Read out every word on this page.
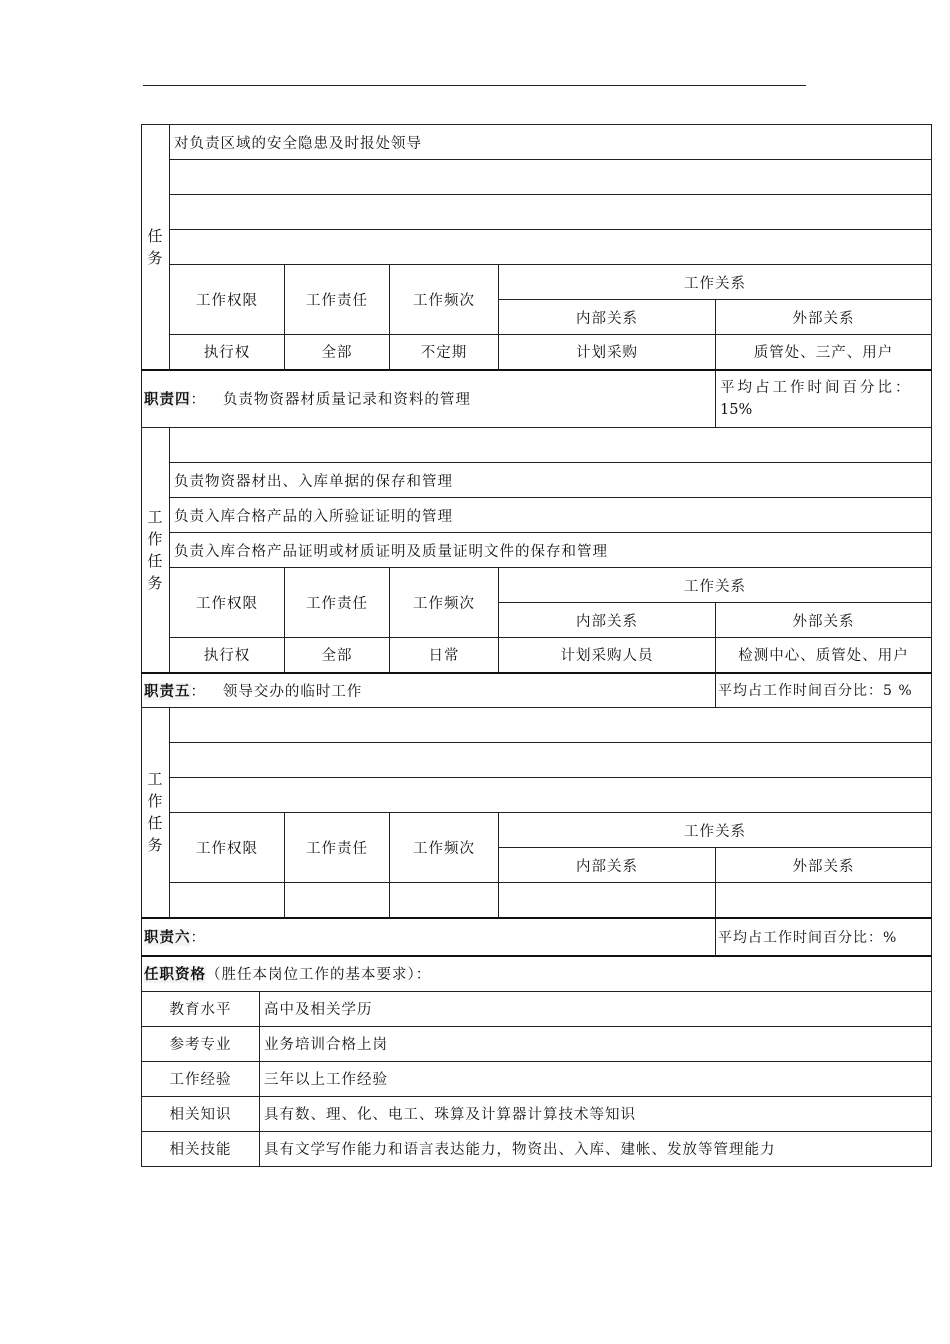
任
务	对负责区域的安全隐患及时报处领导				

	工作权限	工作责任	工作频次	工作关系	
				内部关系	外部关系
	执行权	全部	不定期	计划采购	质管处、三产、用户
职责四： 负责物资器材质量记录和资料的管理					平均占工作时间百分比：
15%

工
作
任
务					

	负责物资器材出、入库单据的保存和管理				
	负责入库合格产品的入所验证证明的管理				
	负责入库合格产品证明或材质证明及质量证明文件的保存和管理				
	工作权限	工作责任	工作频次	工作关系	
				内部关系	外部关系
	执行权	全部	日常	计划采购人员	检测中心、质管处、用户
职责五： 领导交办的临时工作					平均占工作时间百分比：5 %

工
作
任
务					

	工作权限	工作责任	工作频次	工作关系	
				内部关系	外部关系

职责六：					平均占工作时间百分比：%
任职资格（胜任本岗位工作的基本要求）：	
教育水平	高中及相关学历
参考专业	业务培训合格上岗
工作经验	三年以上工作经验
相关知识	具有数、理、化、电工、珠算及计算器计算技术等知识
相关技能	具有文学写作能力和语言表达能力，物资出、入库、建帐、发放等管理能力
